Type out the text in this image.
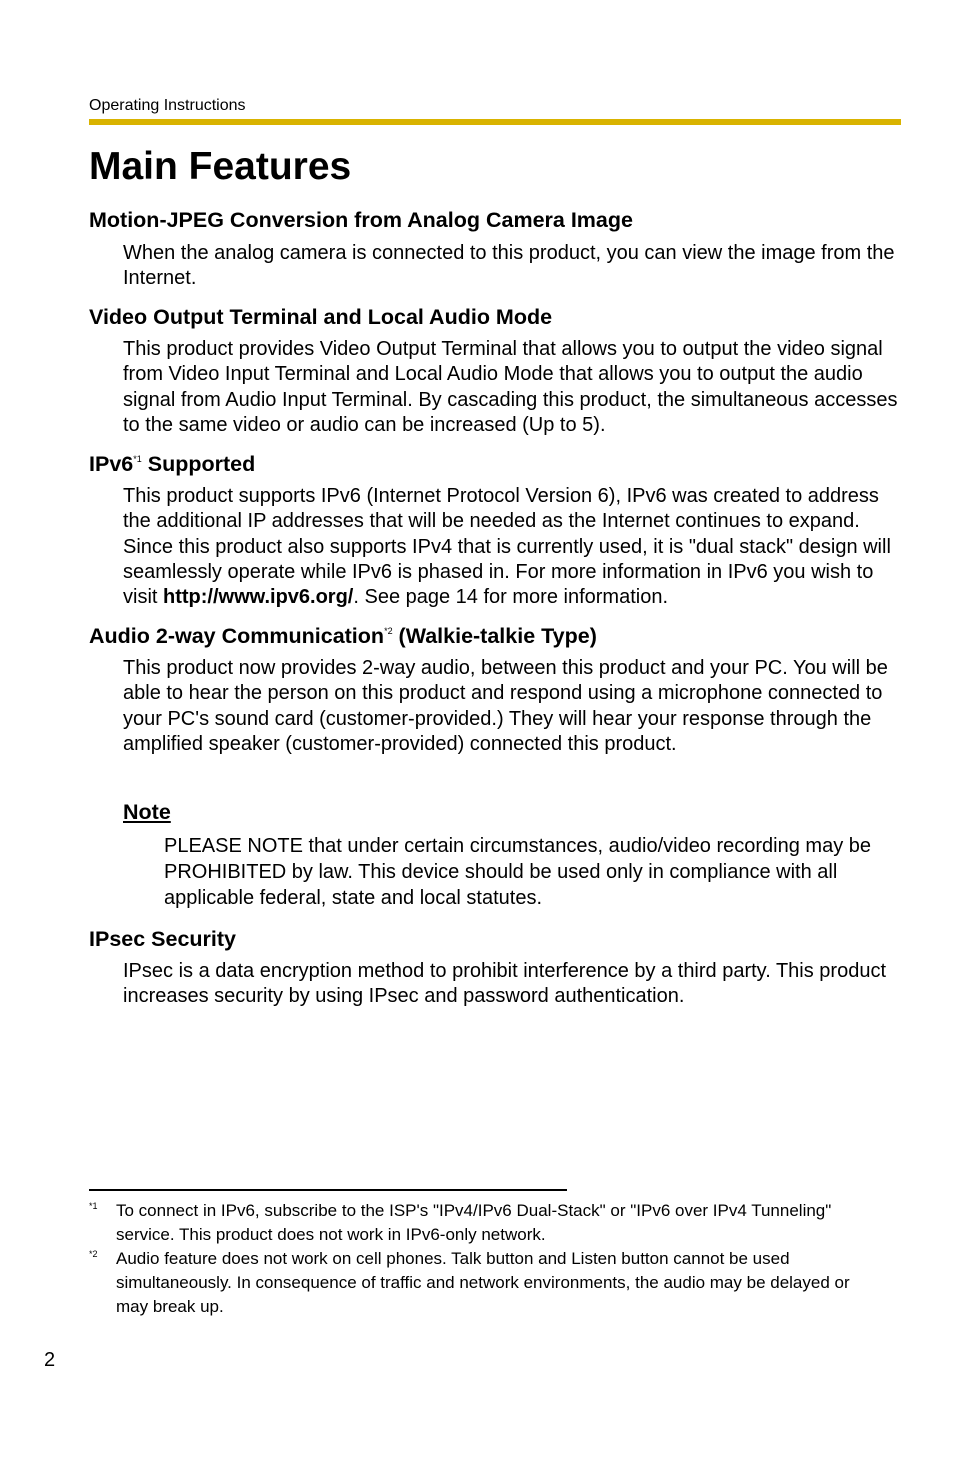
Operating Instructions
Main Features
Motion-JPEG Conversion from Analog Camera Image
When the analog camera is connected to this product, you can view the image from the Internet.
Video Output Terminal and Local Audio Mode
This product provides Video Output Terminal that allows you to output the video signal from Video Input Terminal and Local Audio Mode that allows you to output the audio signal from Audio Input Terminal. By cascading this product, the simultaneous accesses to the same video or audio can be increased (Up to 5).
IPv6$^{*1}$ Supported
This product supports IPv6 (Internet Protocol Version 6), IPv6 was created to address the additional IP addresses that will be needed as the Internet continues to expand. Since this product also supports IPv4 that is currently used, it is "dual stack" design will seamlessly operate while IPv6 is phased in. For more information in IPv6 you wish to visit http://www.ipv6.org/. See page 14 for more information.
Audio 2-way Communication$^{*2}$ (Walkie-talkie Type)
This product now provides 2-way audio, between this product and your PC. You will be able to hear the person on this product and respond using a microphone connected to your PC's sound card (customer-provided.) They will hear your response through the amplified speaker (customer-provided) connected this product.
Note
PLEASE NOTE that under certain circumstances, audio/video recording may be PROHIBITED by law. This device should be used only in compliance with all applicable federal, state and local statutes.
IPsec Security
IPsec is a data encryption method to prohibit interference by a third party. This product increases security by using IPsec and password authentication.
*1 To connect in IPv6, subscribe to the ISP's "IPv4/IPv6 Dual-Stack" or "IPv6 over IPv4 Tunneling" service. This product does not work in IPv6-only network.
*2 Audio feature does not work on cell phones. Talk button and Listen button cannot be used simultaneously. In consequence of traffic and network environments, the audio may be delayed or may break up.
2
